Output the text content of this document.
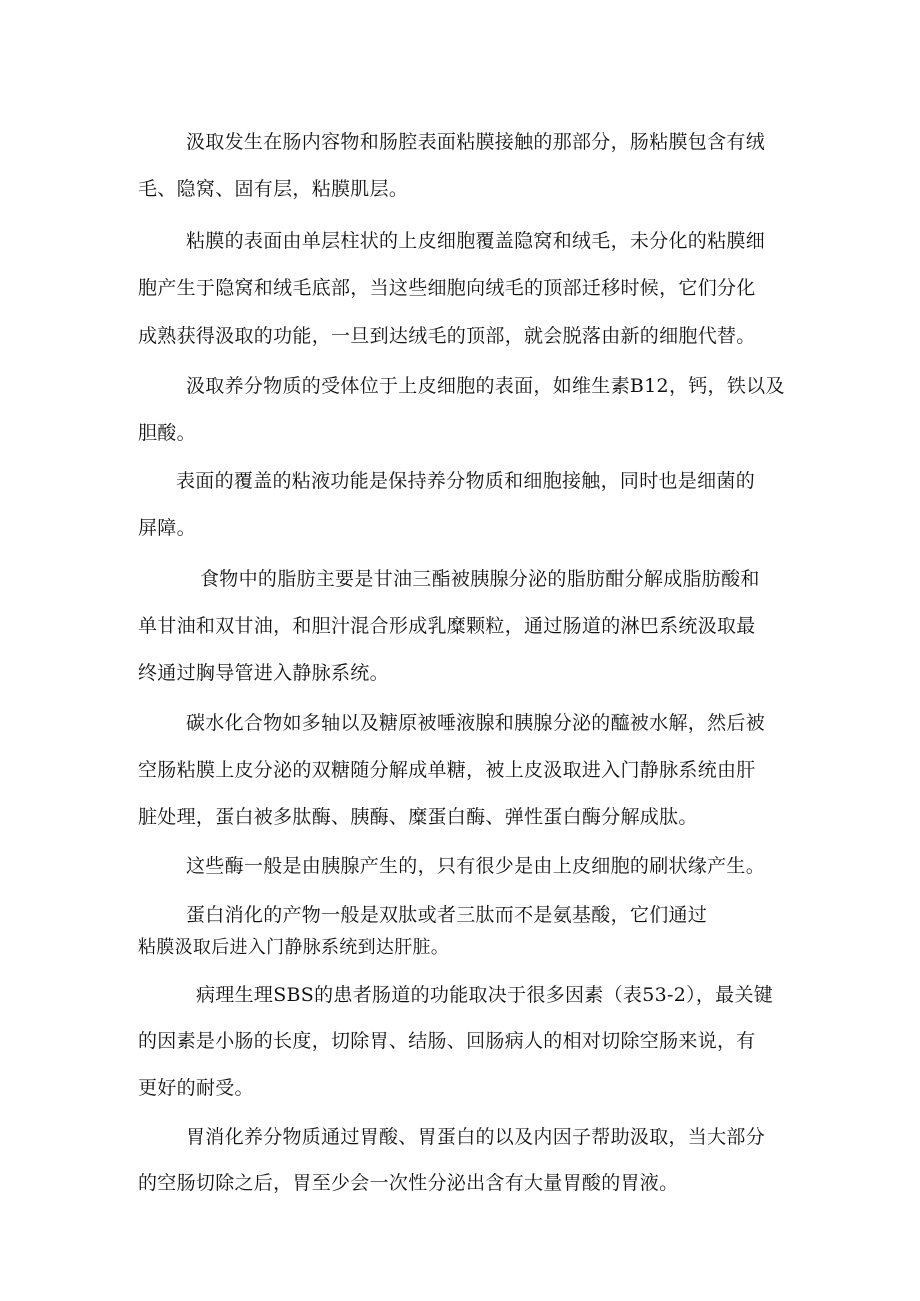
汲取发生在肠内容物和肠腔表面粘膜接触的那部分，肠粘膜包含有绒
毛、隐窝、固有层，粘膜肌层。
粘膜的表面由单层柱状的上皮细胞覆盖隐窝和绒毛，未分化的粘膜细
胞产生于隐窝和绒毛底部，当这些细胞向绒毛的顶部迁移时候，它们分化
成熟获得汲取的功能，一旦到达绒毛的顶部，就会脱落由新的细胞代替。
汲取养分物质的受体位于上皮细胞的表面，如维生素B12，钙，铁以及
胆酸。
表面的覆盖的粘液功能是保持养分物质和细胞接触，同时也是细菌的
屏障。
食物中的脂肪主要是甘油三酯被胰腺分泌的脂肪酣分解成脂肪酸和
单甘油和双甘油，和胆汁混合形成乳糜颗粒，通过肠道的淋巴系统汲取最
终通过胸导管进入静脉系统。
碳水化合物如多轴以及糖原被唾液腺和胰腺分泌的醯被水解，然后被
空肠粘膜上皮分泌的双糖随分解成单糖，被上皮汲取进入门静脉系统由肝
脏处理，蛋白被多肽酶、胰酶、糜蛋白酶、弹性蛋白酶分解成肽。
这些酶一般是由胰腺产生的，只有很少是由上皮细胞的刷状缘产生。
蛋白消化的产物一般是双肽或者三肽而不是氨基酸，它们通过
粘膜汲取后进入门静脉系统到达肝脏。
病理生理SBS的患者肠道的功能取决于很多因素（表53-2），最关键
的因素是小肠的长度，切除胃、结肠、回肠病人的相对切除空肠来说，有
更好的耐受。
胃消化养分物质通过胃酸、胃蛋白的以及内因子帮助汲取，当大部分
的空肠切除之后，胃至少会一次性分泌出含有大量胃酸的胃液。
